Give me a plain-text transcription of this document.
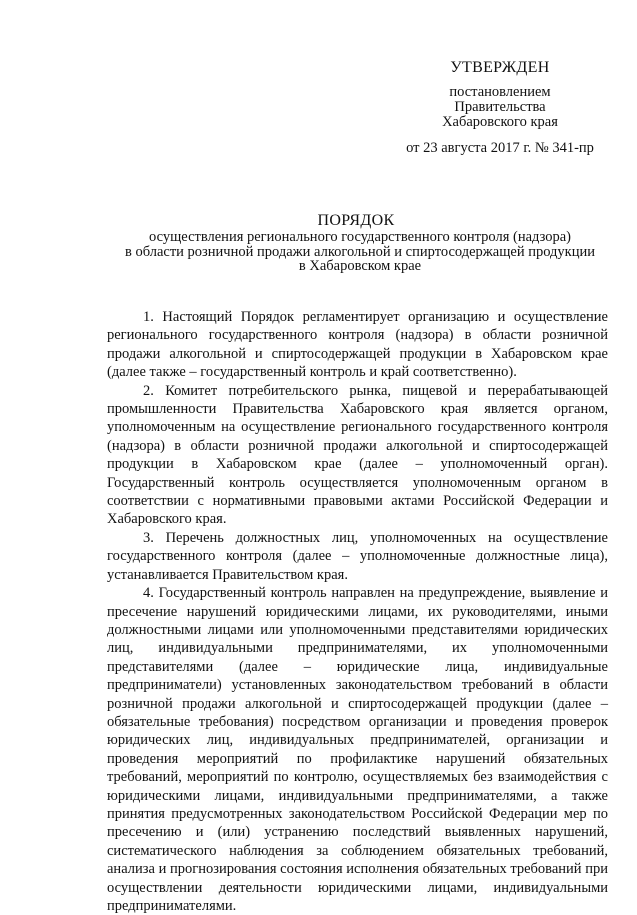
УТВЕРЖДЕН
постановлением
Правительства
Хабаровского края
от 23 августа 2017 г. № 341-пр
ПОРЯДОК
осуществления регионального государственного контроля (надзора)
в области розничной продажи алкогольной и спиртосодержащей продукции
в Хабаровском крае

1. Настоящий Порядок регламентирует организацию и осуществление регионального государственного контроля (надзора) в области розничной продажи алкогольной и спиртосодержащей продукции в Хабаровском крае (далее также – государственный контроль и край соответственно).

2. Комитет потребительского рынка, пищевой и перерабатывающей промышленности Правительства Хабаровского края является органом, уполномоченным на осуществление регионального государственного контроля (надзора) в области розничной продажи алкогольной и спиртосодержащей продукции в Хабаровском крае (далее – уполномоченный орган). Государственный контроль осуществляется уполномоченным органом в соответствии с нормативными правовыми актами Российской Федерации и Хабаровского края.

3. Перечень должностных лиц, уполномоченных на осуществление государственного контроля (далее – уполномоченные должностные лица), устанавливается Правительством края.

4. Государственный контроль направлен на предупреждение, выявление и пресечение нарушений юридическими лицами, их руководителями, иными должностными лицами или уполномоченными представителями юридических лиц, индивидуальными предпринимателями, их уполномоченными представителями (далее – юридические лица, индивидуальные предприниматели) установленных законодательством требований в области розничной продажи алкогольной и спиртосодержащей продукции (далее – обязательные требования) посредством организации и проведения проверок юридических лиц, индивидуальных предпринимателей, организации и проведения мероприятий по профилактике нарушений обязательных требований, мероприятий по контролю, осуществляемых без взаимодействия с юридическими лицами, индивидуальными предпринимателями, а также принятия предусмотренных законодательством Российской Федерации мер по пресечению и (или) устранению последствий выявленных нарушений, систематического наблюдения за соблюдением обязательных требований, анализа и прогнозирования состояния исполнения обязательных требований при осуществлении деятельности юридическими лицами, индивидуальными предпринимателями.
